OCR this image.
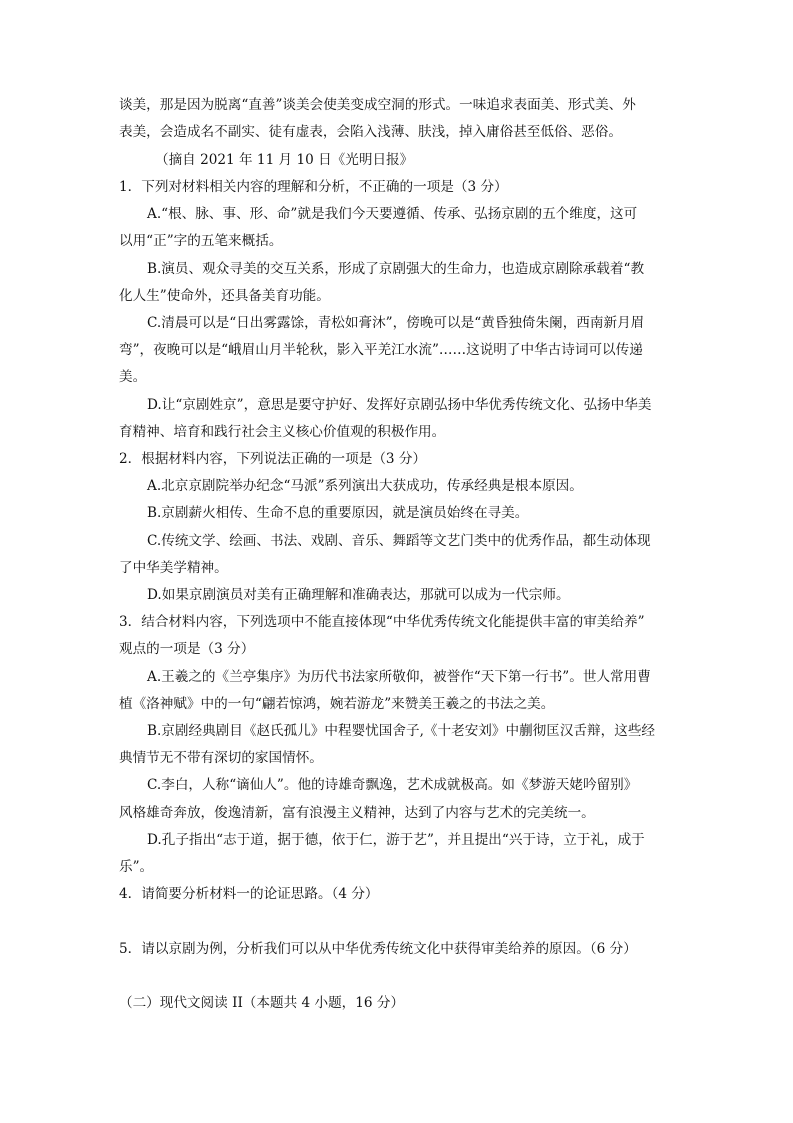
谈美，那是因为脱离“直善”谈美会使美变成空洞的形式。一味追求表面美、形式美、外
表美，会造成名不副实、徒有虚表，会陷入浅薄、肤浅，掉入庸俗甚至低俗、恶俗。
（摘自 2021 年 11 月 10 日《光明日报》
1．下列对材料相关内容的理解和分析，不正确的一项是（3 分）
A.“根、脉、事、形、命”就是我们今天要遵循、传承、弘扬京剧的五个维度，这可
以用“正”字的五笔来概括。
B.演员、观众寻美的交互关系，形成了京剧强大的生命力，也造成京剧除承载着“教
化人生”使命外，还具备美育功能。
C.清晨可以是“日出雾露馀，青松如膏沐”，傍晚可以是“黄昏独倚朱阑，西南新月眉
弯”，夜晚可以是“峨眉山月半轮秋，影入平羌江水流”……这说明了中华古诗词可以传递
美。
D.让“京剧姓京”，意思是要守护好、发挥好京剧弘扬中华优秀传统文化、弘扬中华美
育精神、培育和践行社会主义核心价值观的积极作用。
2．根据材料内容，下列说法正确的一项是（3 分）
A.北京京剧院举办纪念“马派”系列演出大获成功，传承经典是根本原因。
B.京剧薪火相传、生命不息的重要原因，就是演员始终在寻美。
C.传统文学、绘画、书法、戏剧、音乐、舞蹈等文艺门类中的优秀作品，都生动体现
了中华美学精神。
D.如果京剧演员对美有正确理解和准确表达，那就可以成为一代宗师。
3．结合材料内容，下列选项中不能直接体现“中华优秀传统文化能提供丰富的审美给养”
观点的一项是（3 分）
A.王羲之的《兰亭集序》为历代书法家所敬仰，被誉作“天下第一行书”。世人常用曹
植《洛神赋》中的一句“翩若惊鸿，婉若游龙”来赞美王羲之的书法之美。
B.京剧经典剧目《赵氏孤儿》中程婴忧国舍子,《十老安刘》中蒯彻匡汉舌辩，这些经
典情节无不带有深切的家国情怀。
C.李白，人称“谪仙人”。他的诗雄奇飘逸，艺术成就极高。如《梦游天姥吟留别》
风格雄奇奔放，俊逸清新，富有浪漫主义精神，达到了内容与艺术的完美统一。
D.孔子指出“志于道，据于德，依于仁，游于艺”，并且提出“兴于诗，立于礼，成于
乐”。
4．请简要分析材料一的论证思路。（4 分）
5．请以京剧为例，分析我们可以从中华优秀传统文化中获得审美给养的原因。（6 分）
（二）现代文阅读 II（本题共 4 小题，16 分）
